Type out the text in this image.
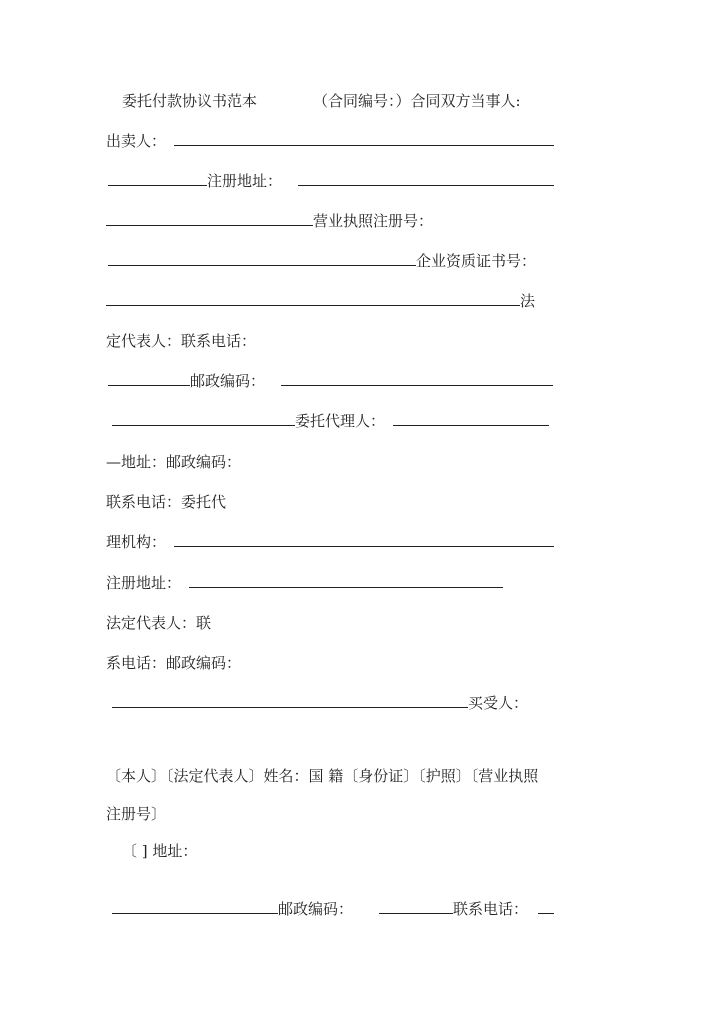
委托付款协议书范本	（合同编号：）合同双方当事人:
出卖人：
注册地址：
营业执照注册号：
企业资质证书号：
法
定代表人：联系电话：
邮政编码：
委托代理人：
—地址：邮政编码：
联系电话：委托代
理机构：
注册地址：
法定代表人：联
系电话：邮政编码：
买受人：
〔本人〕〔法定代表人〕姓名：国 籍〔身份证〕〔护照〕〔营业执照
注册号〕
〔 ] 地址：
邮政编码：	联系电话：
